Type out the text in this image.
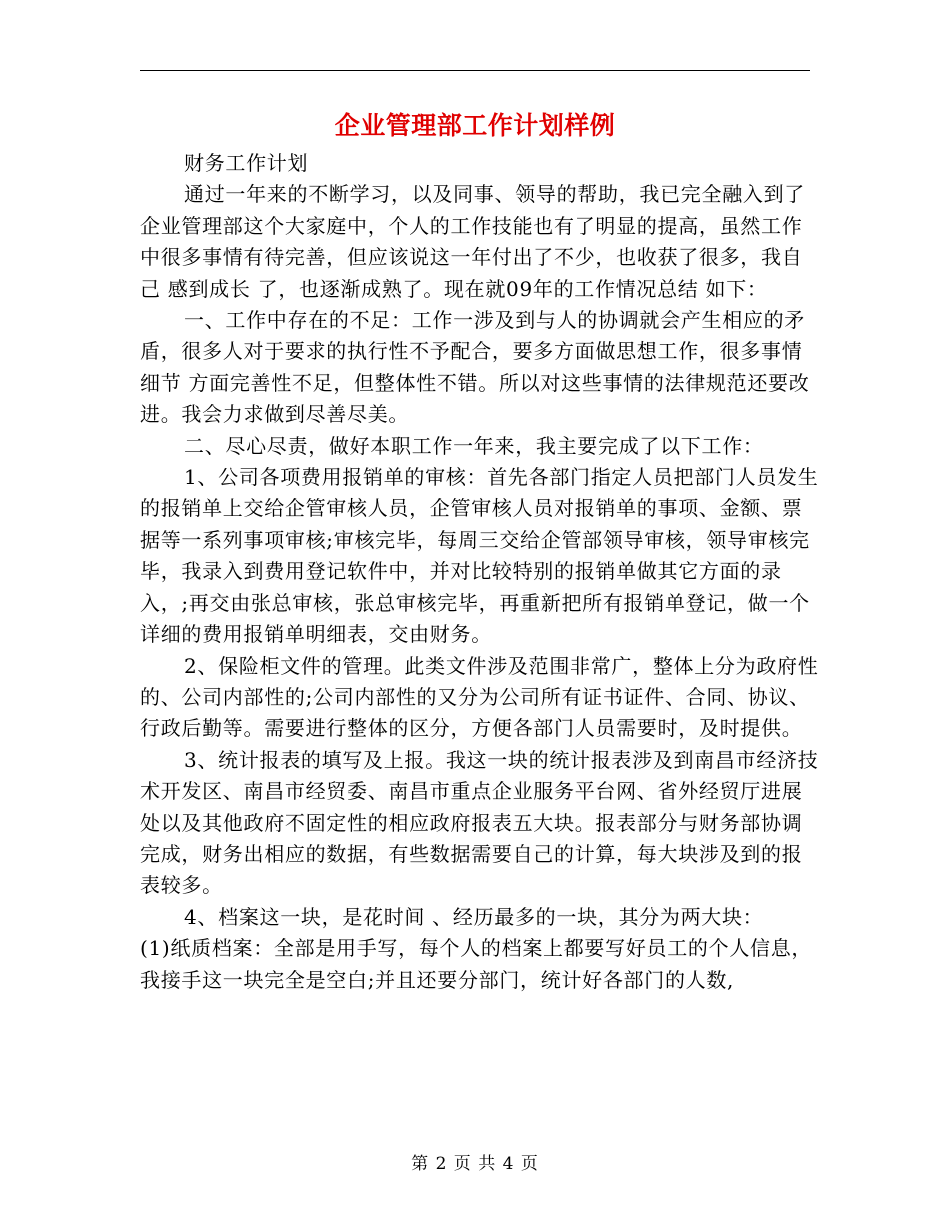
企业管理部工作计划样例

财务工作计划

通过一年来的不断学习，以及同事、领导的帮助，我已完全融入到了企业管理部这个大家庭中，个人的工作技能也有了明显的提高，虽然工作中很多事情有待完善，但应该说这一年付出了不少，也收获了很多，我自己 感到成长 了，也逐渐成熟了。现在就09年的工作情况总结 如下：

一、工作中存在的不足：工作一涉及到与人的协调就会产生相应的矛盾，很多人对于要求的执行性不予配合，要多方面做思想工作，很多事情细节 方面完善性不足，但整体性不错。所以对这些事情的法律规范还要改进。我会力求做到尽善尽美。

二、尽心尽责，做好本职工作一年来，我主要完成了以下工作：

1、公司各项费用报销单的审核：首先各部门指定人员把部门人员发生的报销单上交给企管审核人员，企管审核人员对报销单的事项、金额、票据等一系列事项审核;审核完毕，每周三交给企管部领导审核，领导审核完毕，我录入到费用登记软件中，并对比较特别的报销单做其它方面的录入，;再交由张总审核，张总审核完毕，再重新把所有报销单登记，做一个详细的费用报销单明细表，交由财务。

2、保险柜文件的管理。此类文件涉及范围非常广，整体上分为政府性的、公司内部性的;公司内部性的又分为公司所有证书证件、合同、协议、行政后勤等。需要进行整体的区分，方便各部门人员需要时，及时提供。

3、统计报表的填写及上报。我这一块的统计报表涉及到南昌市经济技术开发区、南昌市经贸委、南昌市重点企业服务平台网、省外经贸厅进展处以及其他政府不固定性的相应政府报表五大块。报表部分与财务部协调完成，财务出相应的数据，有些数据需要自己的计算，每大块涉及到的报表较多。

4、档案这一块，是花时间 、经历最多的一块，其分为两大块：

(1)纸质档案：全部是用手写，每个人的档案上都要写好员工的个人信息，我接手这一块完全是空白;并且还要分部门，统计好各部门的人数,

第 2 页 共 4 页
